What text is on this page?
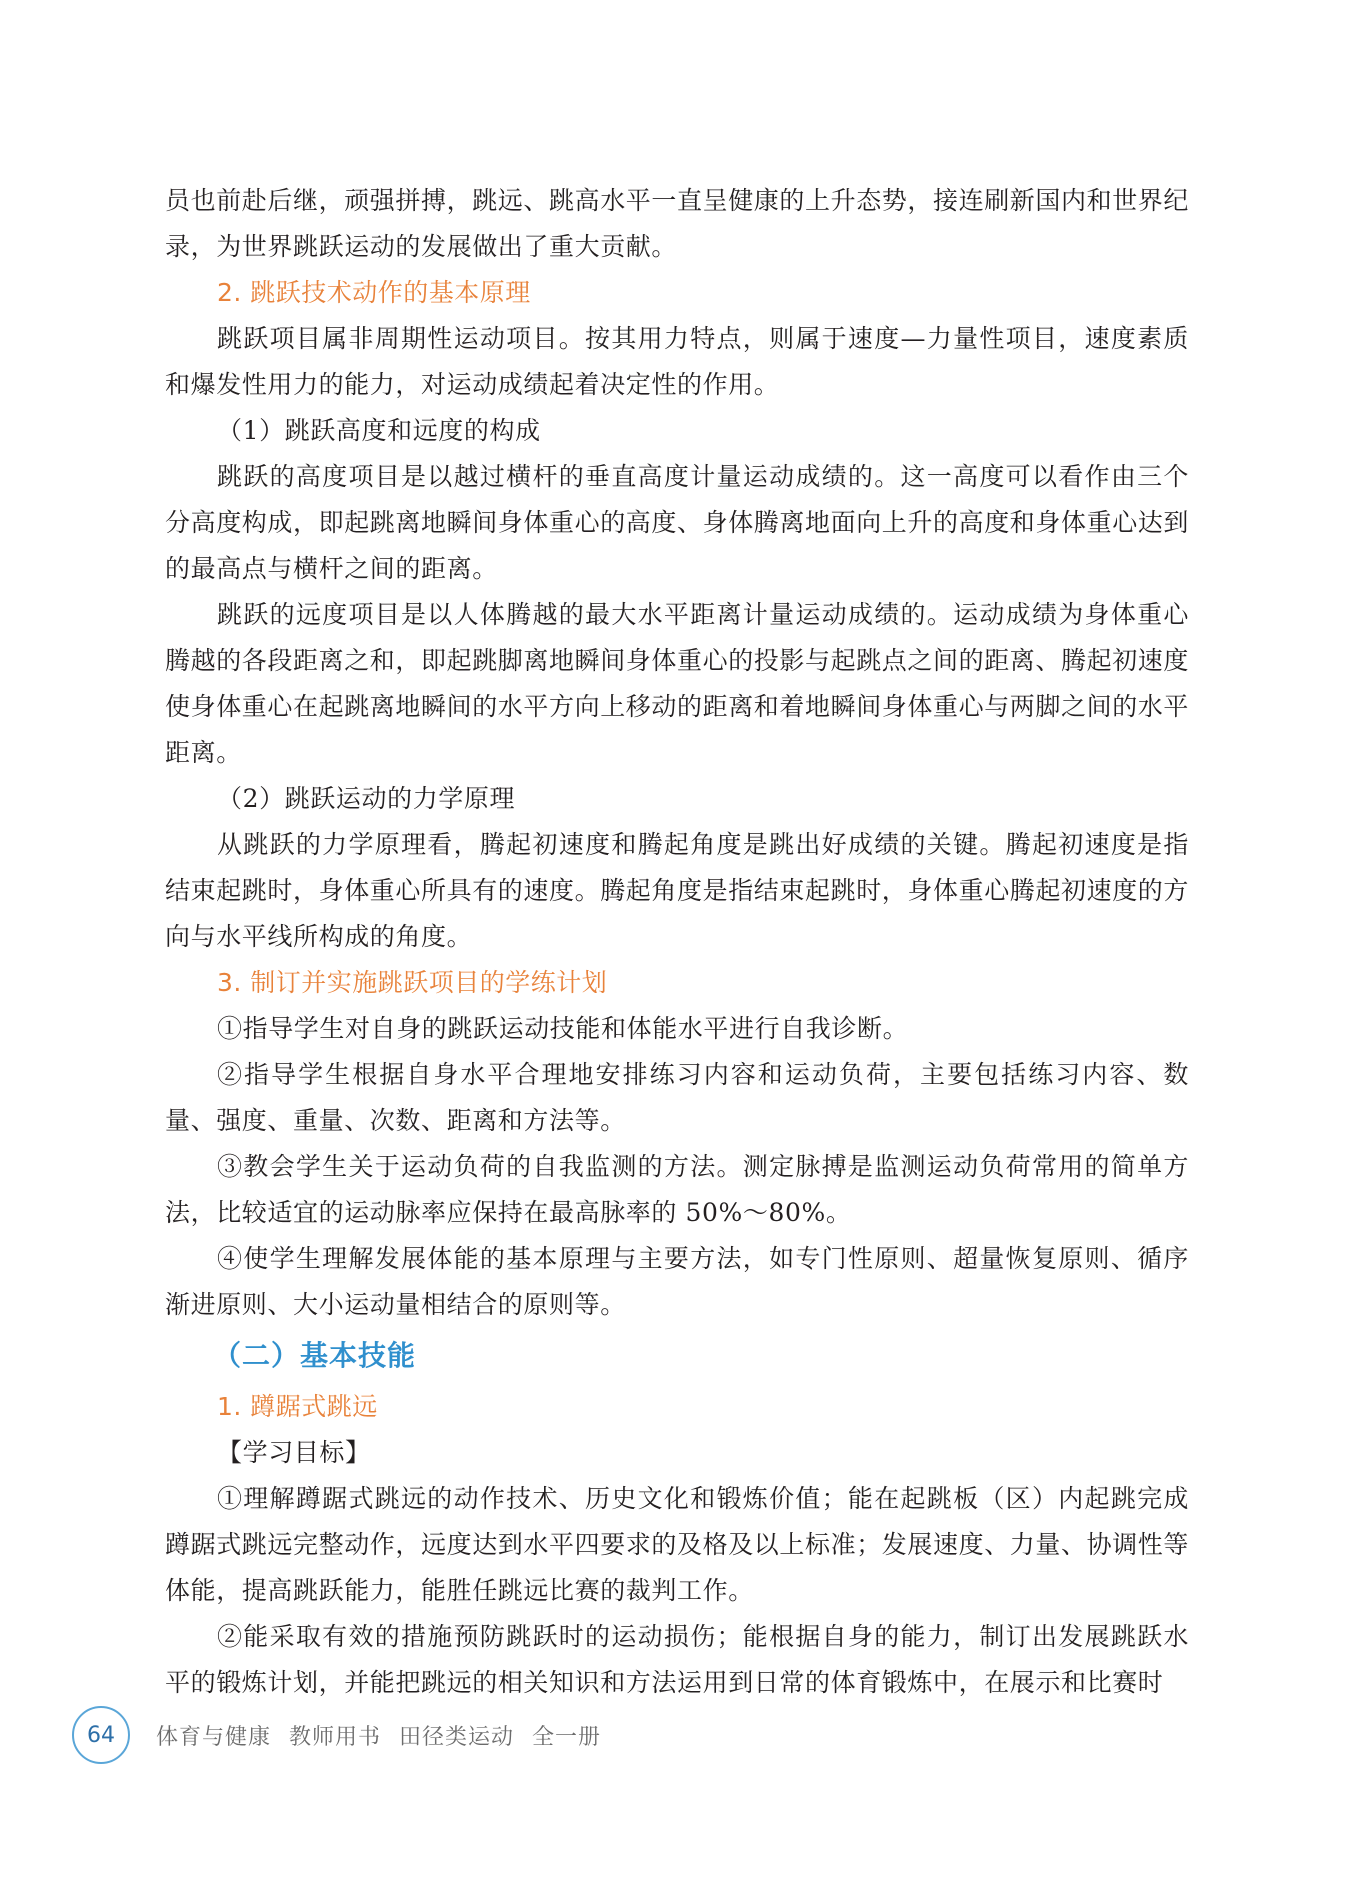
员也前赴后继，顽强拼搏，跳远、跳高水平一直呈健康的上升态势，接连刷新国内和世界纪录，为世界跳跃运动的发展做出了重大贡献。

2. 跳跃技术动作的基本原理

跳跃项目属非周期性运动项目。按其用力特点，则属于速度—力量性项目，速度素质和爆发性用力的能力，对运动成绩起着决定性的作用。

（1）跳跃高度和远度的构成

跳跃的高度项目是以越过横杆的垂直高度计量运动成绩的。这一高度可以看作由三个分高度构成，即起跳离地瞬间身体重心的高度、身体腾离地面向上升的高度和身体重心达到的最高点与横杆之间的距离。

跳跃的远度项目是以人体腾越的最大水平距离计量运动成绩的。运动成绩为身体重心腾越的各段距离之和，即起跳脚离地瞬间身体重心的投影与起跳点之间的距离、腾起初速度使身体重心在起跳离地瞬间的水平方向上移动的距离和着地瞬间身体重心与两脚之间的水平距离。

（2）跳跃运动的力学原理

从跳跃的力学原理看，腾起初速度和腾起角度是跳出好成绩的关键。腾起初速度是指结束起跳时，身体重心所具有的速度。腾起角度是指结束起跳时，身体重心腾起初速度的方向与水平线所构成的角度。

3. 制订并实施跳跃项目的学练计划

①指导学生对自身的跳跃运动技能和体能水平进行自我诊断。

②指导学生根据自身水平合理地安排练习内容和运动负荷，主要包括练习内容、数量、强度、重量、次数、距离和方法等。

③教会学生关于运动负荷的自我监测的方法。测定脉搏是监测运动负荷常用的简单方法，比较适宜的运动脉率应保持在最高脉率的 50%～80%。

④使学生理解发展体能的基本原理与主要方法，如专门性原则、超量恢复原则、循序渐进原则、大小运动量相结合的原则等。

（二）基本技能

1. 蹲踞式跳远

【学习目标】

①理解蹲踞式跳远的动作技术、历史文化和锻炼价值；能在起跳板（区）内起跳完成蹲踞式跳远完整动作，远度达到水平四要求的及格及以上标准；发展速度、力量、协调性等体能，提高跳跃能力，能胜任跳远比赛的裁判工作。

②能采取有效的措施预防跳跃时的运动损伤；能根据自身的能力，制订出发展跳跃水平的锻炼计划，并能把跳远的相关知识和方法运用到日常的体育锻炼中，在展示和比赛时

64	体育与健康 教师用书 田径类运动 全一册
